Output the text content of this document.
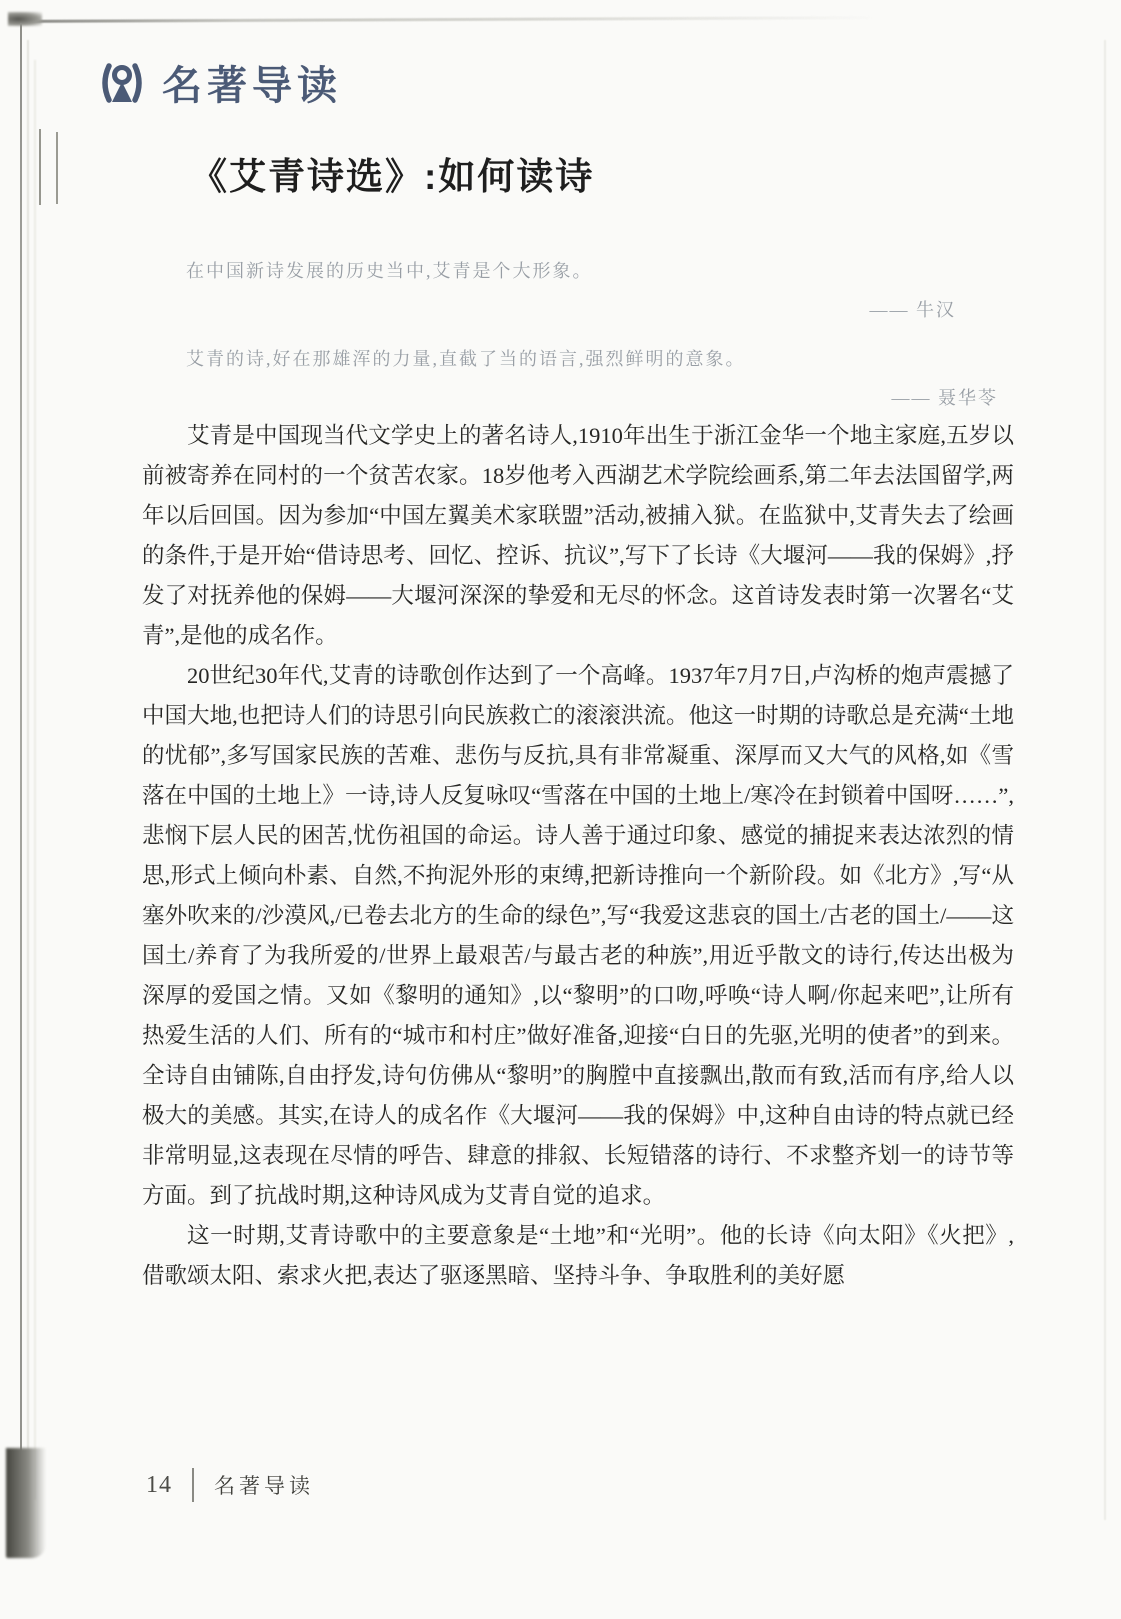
名著导读
《艾青诗选》:如何读诗
在中国新诗发展的历史当中,艾青是个大形象。
—— 牛汉
艾青的诗,好在那雄浑的力量,直截了当的语言,强烈鲜明的意象。
—— 聂华苓

艾青是中国现当代文学史上的著名诗人,1910年出生于浙江金华一个地主家庭,五岁以前被寄养在同村的一个贫苦农家。18岁他考入西湖艺术学院绘画系,第二年去法国留学,两年以后回国。因为参加“中国左翼美术家联盟”活动,被捕入狱。在监狱中,艾青失去了绘画的条件,于是开始“借诗思考、回忆、控诉、抗议”,写下了长诗《大堰河——我的保姆》,抒发了对抚养他的保姆——大堰河深深的挚爱和无尽的怀念。这首诗发表时第一次署名“艾青”,是他的成名作。

20世纪30年代,艾青的诗歌创作达到了一个高峰。1937年7月7日,卢沟桥的炮声震撼了中国大地,也把诗人们的诗思引向民族救亡的滚滚洪流。他这一时期的诗歌总是充满“土地的忧郁”,多写国家民族的苦难、悲伤与反抗,具有非常凝重、深厚而又大气的风格,如《雪落在中国的土地上》一诗,诗人反复咏叹“雪落在中国的土地上/寒冷在封锁着中国呀……”,悲悯下层人民的困苦,忧伤祖国的命运。诗人善于通过印象、感觉的捕捉来表达浓烈的情思,形式上倾向朴素、自然,不拘泥外形的束缚,把新诗推向一个新阶段。如《北方》,写“从塞外吹来的/沙漠风,/已卷去北方的生命的绿色”,写“我爱这悲哀的国土/古老的国土/——这国土/养育了为我所爱的/世界上最艰苦/与最古老的种族”,用近乎散文的诗行,传达出极为深厚的爱国之情。又如《黎明的通知》,以“黎明”的口吻,呼唤“诗人啊/你起来吧”,让所有热爱生活的人们、所有的“城市和村庄”做好准备,迎接“白日的先驱,光明的使者”的到来。全诗自由铺陈,自由抒发,诗句仿佛从“黎明”的胸膛中直接飘出,散而有致,活而有序,给人以极大的美感。其实,在诗人的成名作《大堰河——我的保姆》中,这种自由诗的特点就已经非常明显,这表现在尽情的呼告、肆意的排叙、长短错落的诗行、不求整齐划一的诗节等方面。到了抗战时期,这种诗风成为艾青自觉的追求。

这一时期,艾青诗歌中的主要意象是“土地”和“光明”。他的长诗《向太阳》《火把》,借歌颂太阳、索求火把,表达了驱逐黑暗、坚持斗争、争取胜利的美好愿

14 名著导读
